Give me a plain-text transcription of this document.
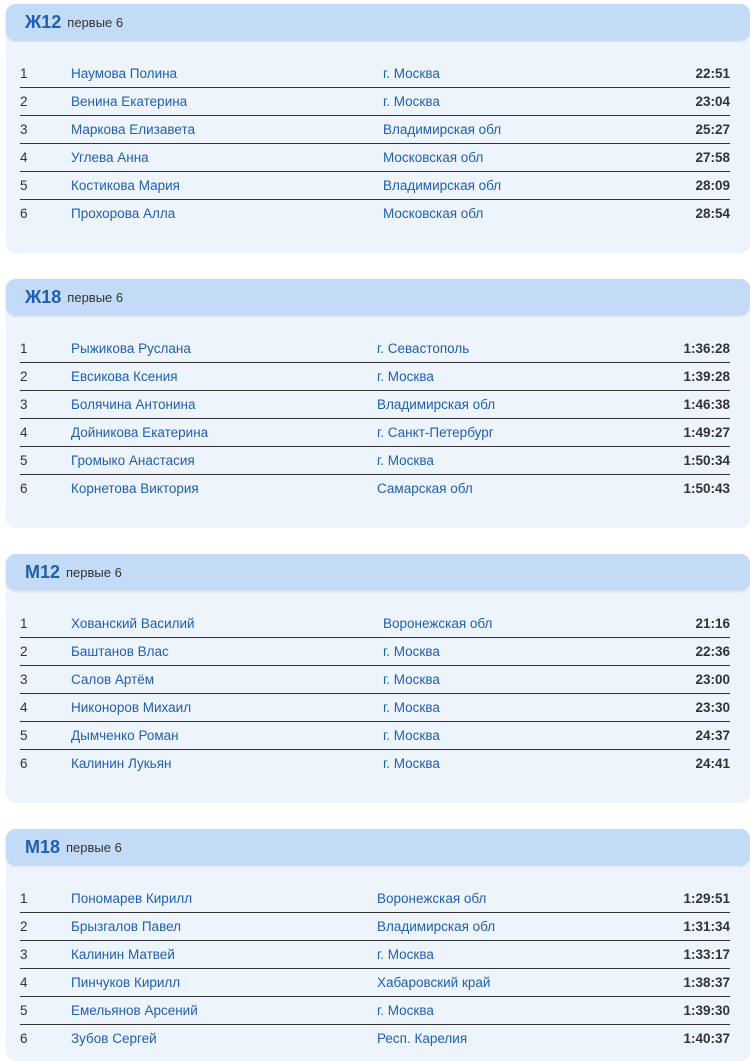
Ж12 первые 6
1	Наумова Полина	г. Москва	22:51
2	Венина Екатерина	г. Москва	23:04
3	Маркова Елизавета	Владимирская обл	25:27
4	Углева Анна	Московская обл	27:58
5	Костикова Мария	Владимирская обл	28:09
6	Прохорова Алла	Московская обл	28:54
Ж18 первые 6
1	Рыжикова Руслана	г. Севастополь	1:36:28
2	Евсикова Ксения	г. Москва	1:39:28
3	Болячина Антонина	Владимирская обл	1:46:38
4	Дойникова Екатерина	г. Санкт-Петербург	1:49:27
5	Громыко Анастасия	г. Москва	1:50:34
6	Корнетова Виктория	Самарская обл	1:50:43
М12 первые 6
1	Хованский Василий	Воронежская обл	21:16
2	Баштанов Влас	г. Москва	22:36
3	Салов Артём	г. Москва	23:00
4	Никоноров Михаил	г. Москва	23:30
5	Дымченко Роман	г. Москва	24:37
6	Калинин Лукьян	г. Москва	24:41
М18 первые 6
1	Пономарев Кирилл	Воронежская обл	1:29:51
2	Брызгалов Павел	Владимирская обл	1:31:34
3	Калинин Матвей	г. Москва	1:33:17
4	Пинчуков Кирилл	Хабаровский край	1:38:37
5	Емельянов Арсений	г. Москва	1:39:30
6	Зубов Сергей	Респ. Карелия	1:40:37
